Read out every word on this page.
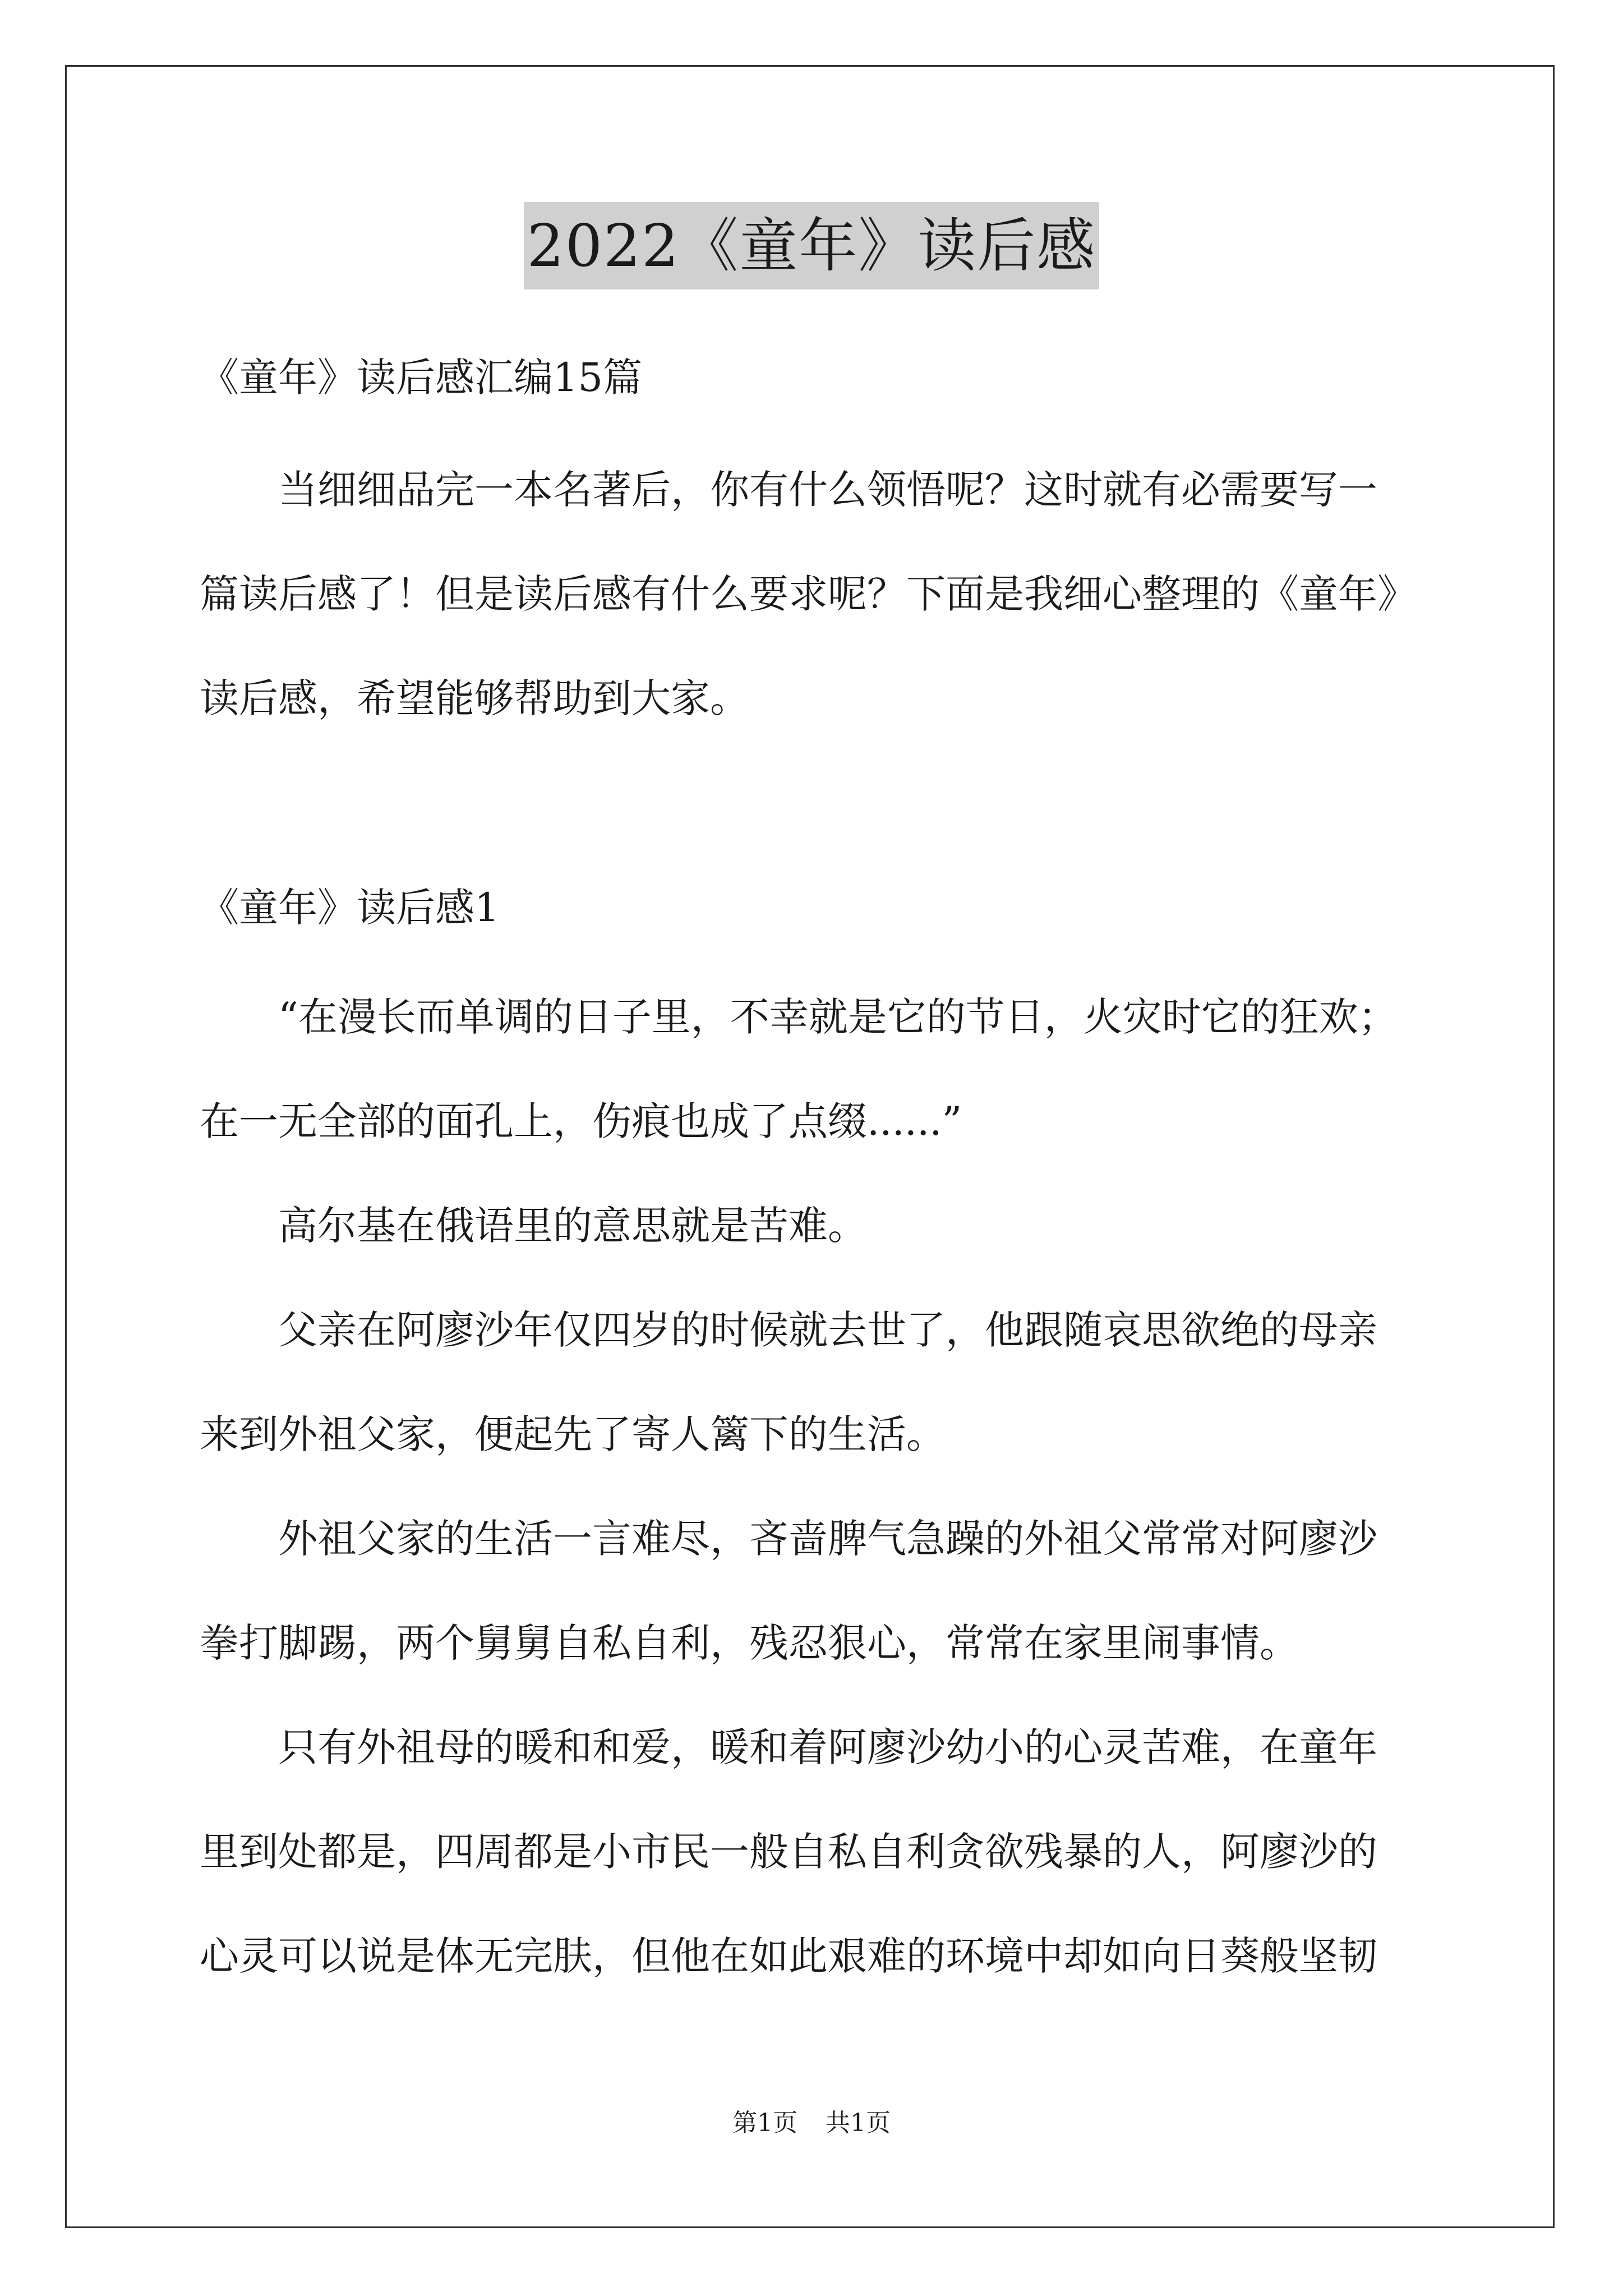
2022《童年》读后感

《童年》读后感汇编15篇

　　当细细品完一本名著后，你有什么领悟呢？这时就有必需要写一

篇读后感了！但是读后感有什么要求呢？下面是我细心整理的《童年》

读后感，希望能够帮助到大家。

《童年》读后感1

　　“在漫长而单调的日子里，不幸就是它的节日，火灾时它的狂欢；

在一无全部的面孔上，伤痕也成了点缀......”

　　高尔基在俄语里的意思就是苦难。

　　父亲在阿廖沙年仅四岁的时候就去世了，他跟随哀思欲绝的母亲

来到外祖父家，便起先了寄人篱下的生活。

　　外祖父家的生活一言难尽，吝啬脾气急躁的外祖父常常对阿廖沙

拳打脚踢，两个舅舅自私自利，残忍狠心，常常在家里闹事情。

　　只有外祖母的暖和和爱，暖和着阿廖沙幼小的心灵苦难，在童年

里到处都是，四周都是小市民一般自私自利贪欲残暴的人，阿廖沙的

心灵可以说是体无完肤，但他在如此艰难的环境中却如向日葵般坚韧

第1页 共1页
